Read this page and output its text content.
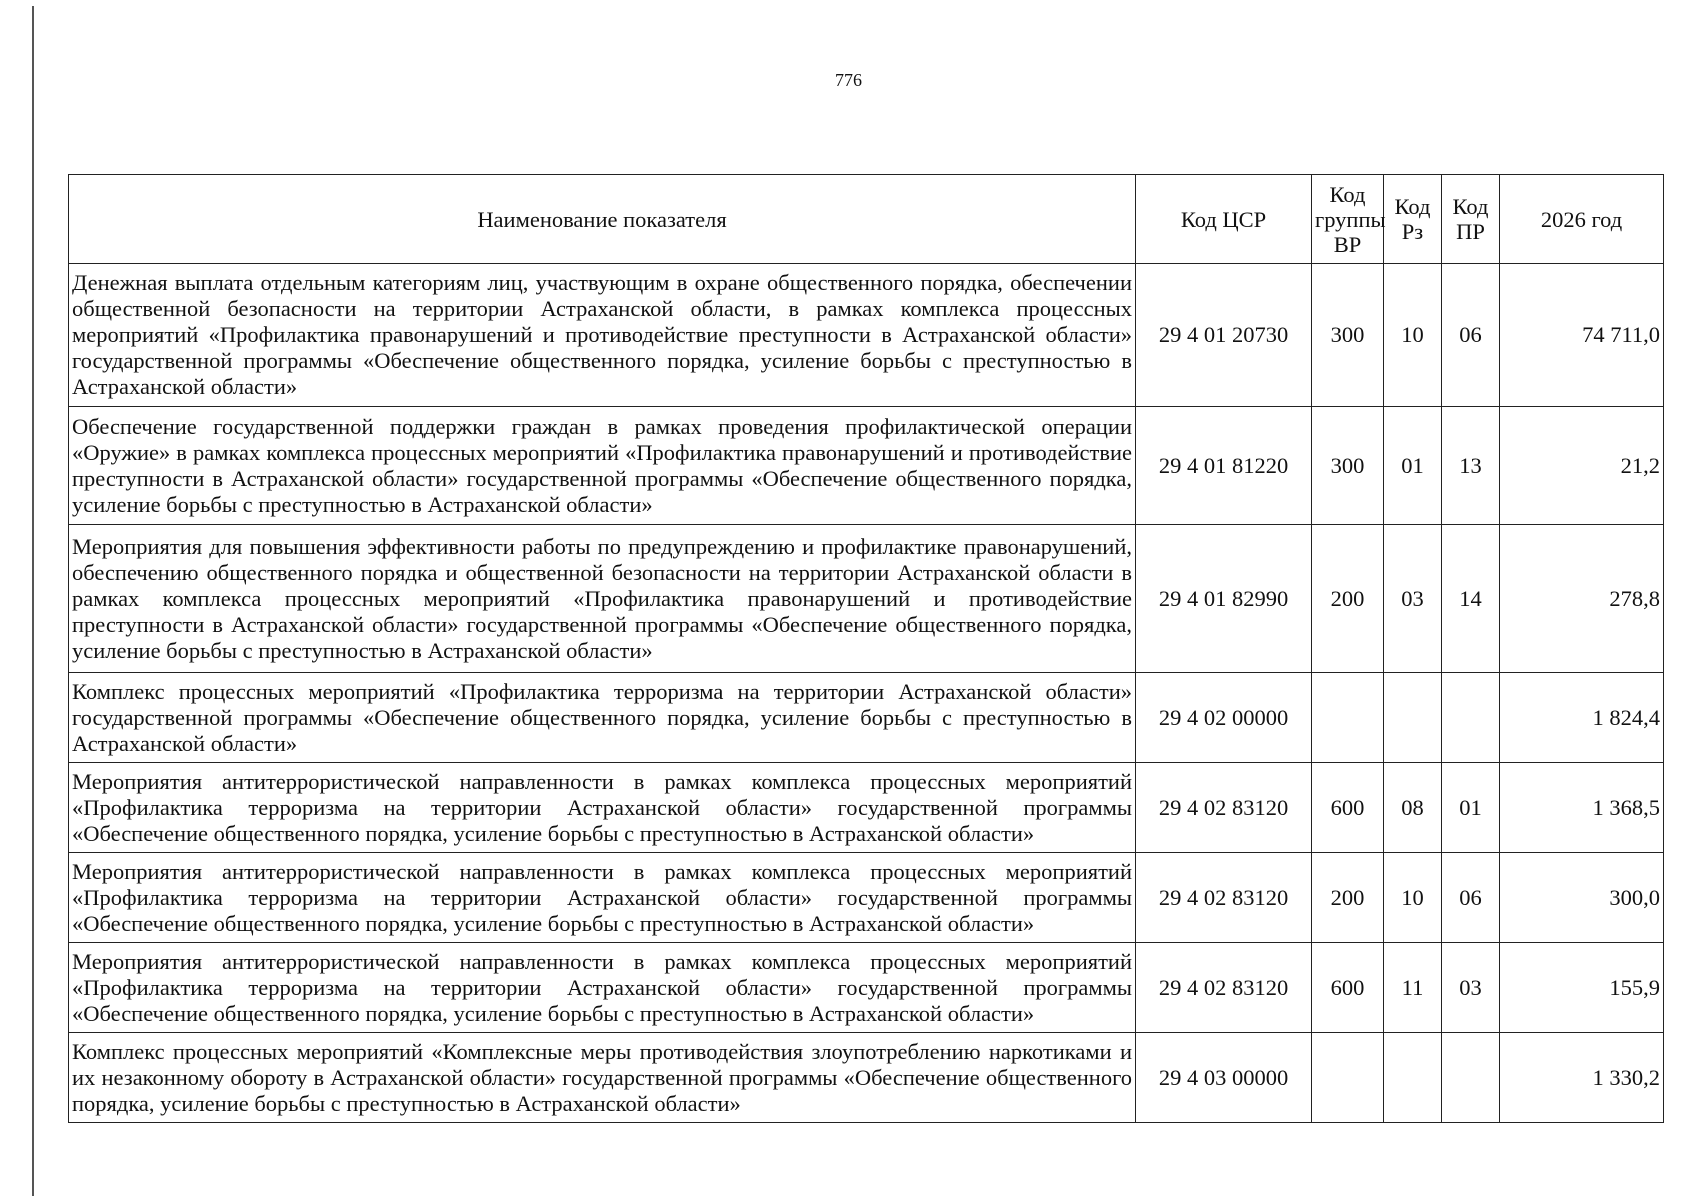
776
Наименование показателя	Код ЦСР	Код группы ВР	Код Рз	Код ПР	2026 год
Денежная выплата отдельным категориям лиц, участвующим в охране общественного порядка, обеспечении общественной безопасности на территории Астраханской области, в рамках комплекса процессных мероприятий «Профилактика правонарушений и противодействие преступности в Астраханской области» государственной программы «Обеспечение общественного порядка, усиление борьбы с преступностью в Астраханской области»	29 4 01 20730	300	10	06	74 711,0
Обеспечение государственной поддержки граждан в рамках проведения профилактической операции «Оружие» в рамках комплекса процессных мероприятий «Профилактика правонарушений и противодействие преступности в Астраханской области» государственной программы «Обеспечение общественного порядка, усиление борьбы с преступностью в Астраханской области»	29 4 01 81220	300	01	13	21,2
Мероприятия для повышения эффективности работы по предупреждению и профилактике правонарушений, обеспечению общественного порядка и общественной безопасности на территории Астраханской области в рамках комплекса процессных мероприятий «Профилактика правонарушений и противодействие преступности в Астраханской области» государственной программы «Обеспечение общественного порядка, усиление борьбы с преступностью в Астраханской области»	29 4 01 82990	200	03	14	278,8
Комплекс процессных мероприятий «Профилактика терроризма на территории Астраханской области» государственной программы «Обеспечение общественного порядка, усиление борьбы с преступностью в Астраханской области»	29 4 02 00000				1 824,4
Мероприятия антитеррористической направленности в рамках комплекса процессных мероприятий «Профилактика терроризма на территории Астраханской области» государственной программы «Обеспечение общественного порядка, усиление борьбы с преступностью в Астраханской области»	29 4 02 83120	600	08	01	1 368,5
Мероприятия антитеррористической направленности в рамках комплекса процессных мероприятий «Профилактика терроризма на территории Астраханской области» государственной программы «Обеспечение общественного порядка, усиление борьбы с преступностью в Астраханской области»	29 4 02 83120	200	10	06	300,0
Мероприятия антитеррористической направленности в рамках комплекса процессных мероприятий «Профилактика терроризма на территории Астраханской области» государственной программы «Обеспечение общественного порядка, усиление борьбы с преступностью в Астраханской области»	29 4 02 83120	600	11	03	155,9
Комплекс процессных мероприятий «Комплексные меры противодействия злоупотреблению наркотиками и их незаконному обороту в Астраханской области» государственной программы «Обеспечение общественного порядка, усиление борьбы с преступностью в Астраханской области»	29 4 03 00000				1 330,2
